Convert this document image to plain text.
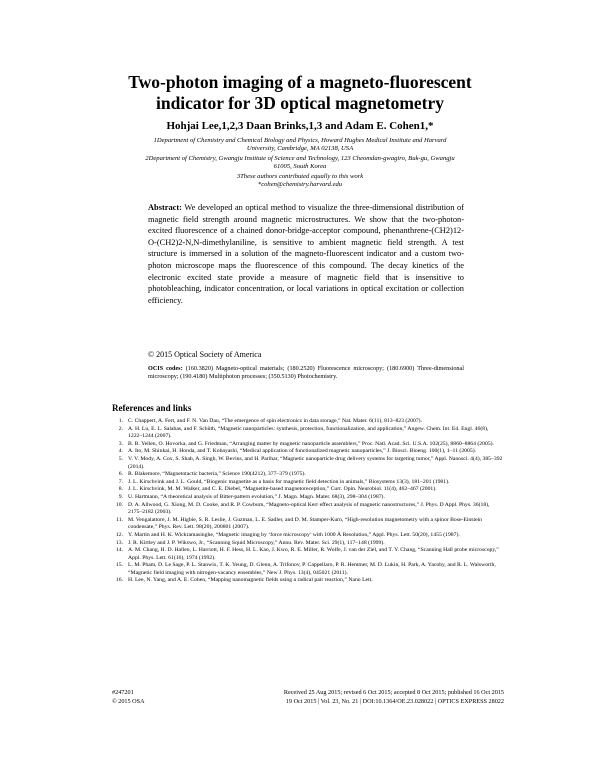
Two-photon imaging of a magneto-fluorescent
indicator for 3D optical magnetometry
Hohjai Lee,1,2,3 Daan Brinks,1,3 and Adam E. Cohen1,*
1Department of Chemistry and Chemical Biology and Physics, Howard Hughes Medical Institute and Harvard
University, Cambridge, MA 02138, USA
2Department of Chemistry, Gwangju Institute of Science and Technology, 123 Cheomdan-gwagiro, Buk-gu, Gwangju
61005, South Korea
3These authors contributed equally to this work
*cohen@chemistry.harvard.edu
Abstract: We developed an optical method to visualize the three-dimensional distribution of magnetic field strength around magnetic microstructures. We show that the two-photon-excited fluorescence of a chained donor-bridge-acceptor compound, phenanthrene-(CH2)12-O-(CH2)2-N,N-dimethylaniline, is sensitive to ambient magnetic field strength. A test structure is immersed in a solution of the magneto-fluorescent indicator and a custom two-photon microscope maps the fluorescence of this compound. The decay kinetics of the electronic excited state provide a measure of magnetic field that is insensitive to photobleaching, indicator concentration, or local variations in optical excitation or collection efficiency.
© 2015 Optical Society of America
OCIS codes: (160.3820) Magneto-optical materials; (180.2520) Fluorescence microscopy; (180.6900) Three-dimensional microscopy; (190.4180) Multiphoton processes; (350.5130) Photochemistry.
References and links
1. C. Chappert, A. Fert, and F. N. Van Dau, “The emergence of spin electronics in data storage,” Nat. Mater. 6(11), 813–823 (2007).
2. A. H. Lu, E. L. Salabas, and F. Schüth, “Magnetic nanoparticles: synthesis, protection, functionalization, and application,” Angew. Chem. Int. Ed. Engl. 46(8), 1222–1244 (2007).
3. B. B. Yellen, O. Hovorka, and G. Friedman, “Arranging matter by magnetic nanoparticle assemblers,” Proc. Natl. Acad. Sci. U.S.A. 102(25), 8860–8864 (2005).
4. A. Ito, M. Shinkai, H. Honda, and T. Kobayashi, “Medical application of functionalized magnetic nanoparticles,” J. Biosci. Bioeng. 100(1), 1–11 (2005).
5. V. V. Mody, A. Cox, S. Shah, A. Singh, W. Bevins, and H. Parihar, “Magnetic nanoparticle drug delivery systems for targeting tumor,” Appl. Nanosci. 4(4), 385–392 (2014).
6. R. Blakemore, “Magnetotactic bacteria,” Science 190(4212), 377–379 (1975).
7. J. L. Kirschvink and J. L. Gould, “Biogenic magnetite as a basis for magnetic field detection in animals,” Biosystems 13(3), 181–201 (1981).
8. J. L. Kirschvink, M. M. Walker, and C. E. Diebel, “Magnetite-based magnetoreception,” Curr. Opin. Neurobiol. 11(4), 462–467 (2001).
9. U. Hartmann, “A theoretical analysis of Bitter-pattern evolution,” J. Magn. Magn. Mater. 68(3), 298–304 (1987).
10. D. A. Allwood, G. Xiong, M. D. Cooke, and R. P. Cowburn, “Magneto-optical Kerr effect analysis of magnetic nanostructures,” J. Phys. D Appl. Phys. 36(18), 2175–2182 (2003).
11. M. Vengalattore, J. M. Higbie, S. R. Leslie, J. Guzman, L. E. Sadler, and D. M. Stamper-Kurn, “High-resolution magnetometry with a spinor Bose-Einstein condensate,” Phys. Rev. Lett. 98(20), 200801 (2007).
12. Y. Martin and H. K. Wickramasinghe, “Magnetic imaging by ‘force microscopy’ with 1000 Å Resolution,” Appl. Phys. Lett. 50(20), 1455 (1987).
13. J. R. Kirtley and J. P. Wikswo, Jr., “Scanning Squid Microscopy,” Annu. Rev. Mater. Sci. 29(1), 117–148 (1999).
14. A. M. Chang, H. D. Hallen, L. Harriott, H. F. Hess, H. L. Kao, J. Kwo, R. E. Miller, R. Wolfe, J. van der Ziel, and T. Y. Chang, “Scanning Hall probe microscopy,” Appl. Phys. Lett. 61(16), 1974 (1992).
15. L. M. Pham, D. Le Sage, P. L. Stanwix, T. K. Yeung, D. Glenn, A. Trifonov, P. Cappellaro, P. R. Hemmer, M. D. Lukin, H. Park, A. Yacoby, and R. L. Walsworth, “Magnetic field imaging with nitrogen-vacancy ensembles,” New J. Phys. 13(4), 045021 (2011).
16. H. Lee, N. Yang, and A. E. Cohen, “Mapping nanomagnetic fields using a radical pair reaction,” Nano Lett.
#247201	Received 25 Aug 2015; revised 6 Oct 2015; accepted 8 Oct 2015; published 16 Oct 2015
© 2015 OSA	19 Oct 2015 | Vol. 23, No. 21 | DOI:10.1364/OE.23.028022 | OPTICS EXPRESS 28022
